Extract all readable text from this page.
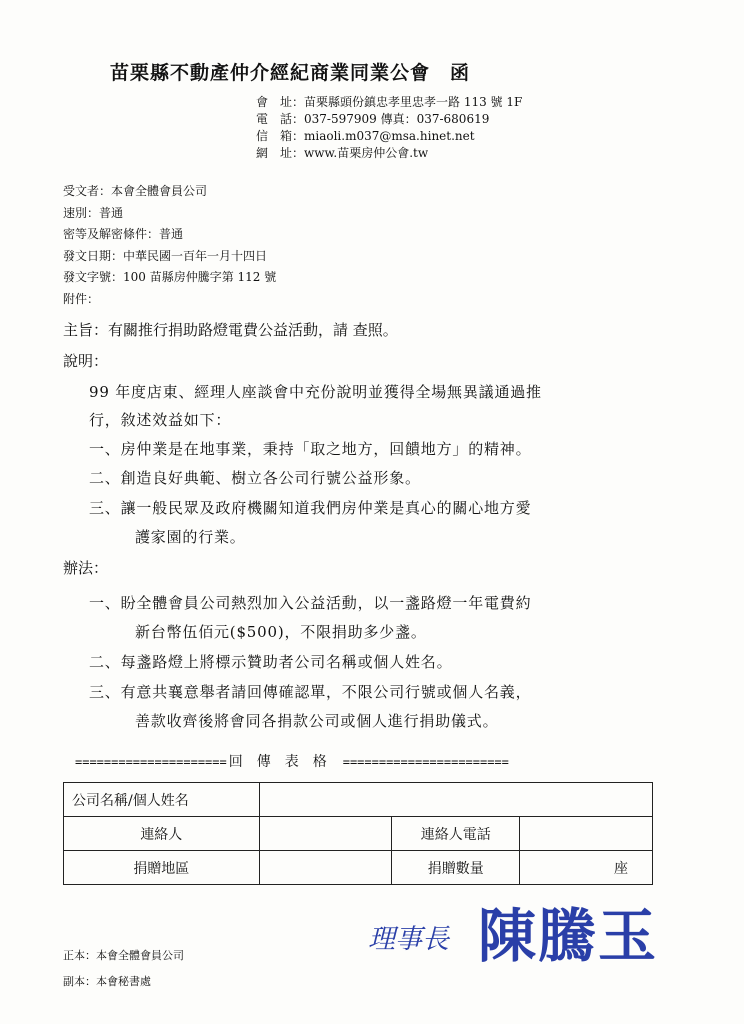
苗栗縣不動產仲介經紀商業同業公會　函
會　址：苗栗縣頭份鎮忠孝里忠孝一路 113 號 1F
電　話：037-597909 傳真：037-680619
信　箱：miaoli.m037@msa.hinet.net
網　址：www.苗栗房仲公會.tw
受文者：本會全體會員公司
速別：普通
密等及解密條件：普通
發文日期：中華民國一百年一月十四日
發文字號：100 苗縣房仲騰字第 112 號
附件：
主旨：有關推行捐助路燈電費公益活動，請 查照。
說明：
99 年度店東、經理人座談會中充份說明並獲得全場無異議通過推
行，敘述效益如下：
一、房仲業是在地事業，秉持「取之地方，回饋地方」的精神。
二、創造良好典範、樹立各公司行號公益形象。
三、讓一般民眾及政府機關知道我們房仲業是真心的關心地方愛
護家園的行業。
辦法：
一、盼全體會員公司熱烈加入公益活動，以一盞路燈一年電費約
新台幣伍佰元($500)，不限捐助多少盞。
二、每盞路燈上將標示贊助者公司名稱或個人姓名。
三、有意共襄意舉者請回傳確認單，不限公司行號或個人名義，
善款收齊後將會同各捐款公司或個人進行捐助儀式。
===================== 回傳表格 =======================
公司名稱/個人姓名			
連絡人		連絡人電話	
捐贈地區		捐贈數量	座
理事長 陳騰玉
正本：本會全體會員公司
副本：本會秘書處
